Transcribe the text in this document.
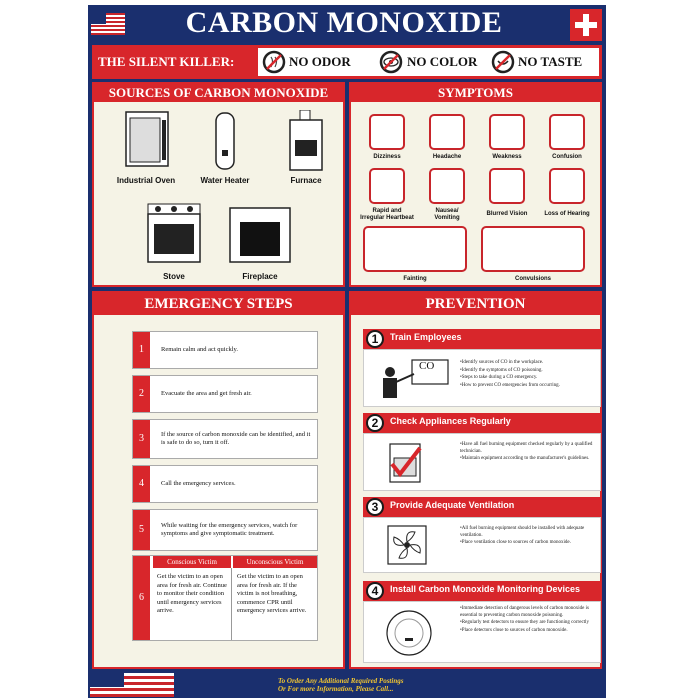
CARBON MONOXIDE
THE SILENT KILLER:	NO ODOR	NO COLOR	NO TASTE
SOURCES OF CARBON MONOXIDE
Industrial Oven	Water Heater	Furnace
Stove	Fireplace
SYMPTOMS
Dizziness	Headache	Weakness	Confusion
Rapid and
Irregular Heartbeat
Nausea/
Vomiting
Blurred Vision	Loss of Hearing
Fainting	Convulsions
EMERGENCY STEPS
1	Remain calm and act quickly.
2	Evacuate the area and get fresh air.
3	If the source of carbon monoxide can be identified, and it is safe to do so, turn it off.
4	Call the emergency services.
5	While waiting for the emergency services, watch for symptoms and give symptomatic treatment.
6
Conscious Victim	Unconscious Victim
Get the victim to an open area for fresh air. Continue to monitor their condition until emergency services arrive.
Get the victim to an open area for fresh air. If the victim is not breathing, commence CPR until emergency services arrive.
PREVENTION
1	Train Employees
CO
•	Identify sources of CO in the workplace.
• Identify the symptoms of CO poisoning.
• Steps to take during a CO emergency.
• How to prevent CO emergencies from occurring.
2	Check Appliances Regularly
• Have all fuel burning equipment checked regularly by a qualified technician.
• Maintain equipment according to the manufacturer's guidelines.
3	Provide Adequate Ventilation
• All fuel burning equipment should be installed with adequate ventilation.
• Place ventilation close to sources of carbon monoxide.
4	Install Carbon Monoxide Monitoring Devices
• Immediate detection of dangerous levels of carbon monoxide is essential to preventing carbon monoxide poisoning.
• Regularly test detectors to ensure they are functioning correctly
• Place detectors close to sources of carbon monoxide.
To Order Any Additional Required Postings
Or For more Information, Please Call...
